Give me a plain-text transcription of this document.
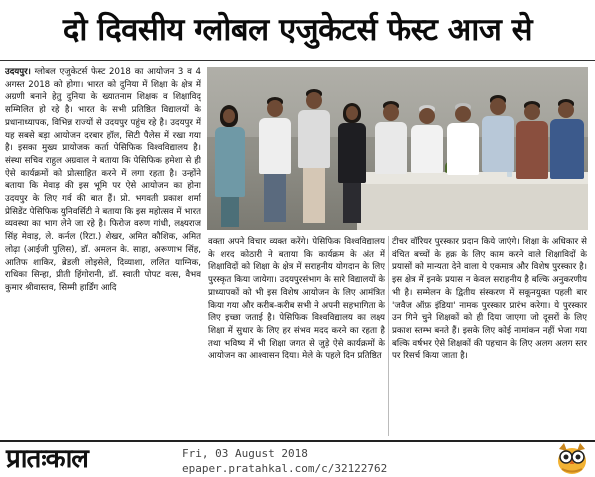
दो दिवसीय ग्लोबल एजुकेटर्स फेस्ट आज से

उदयपुर। ग्लोबल एजुकेटर्स फेस्ट 2018 का आयोजन 3 व 4 अगस्त 2018 को होगा। भारत को दुनिया में शिक्षा के क्षेत्र में अग्रणी बनाने हेतु दुनिया के ख्यातनाम शिक्षक व शिक्षाविद् सम्मिलित हो रहे है। भारत के सभी प्रतिष्ठित विद्यालयों के प्रधानाध्यापक, विभिन्न राज्यों से उदयपुर पहुंच रहे है। उदयपुर में यह सबसे बड़ा आयोजन दरबार हॉल, सिटी पैलेस में रखा गया है। इसका मुख्य प्रायोजक कर्ता पेसिफिक विश्वविद्यालय है। संस्था सचिव राहुल अग्रवाल ने बताया कि पेसिफिक हमेशा से ही ऐसे कार्यक्रमों को प्रोत्साहित करने में लगा रहता है। उन्होंने बताया कि मेवाड़ की इस भूमि पर ऐसे आयोजन का होना उदयपुर के लिए गर्व की बात हैं। प्रो. भगवती प्रकाश शर्मा प्रेसिडेंट पेसिफिक युनिवर्सिटी ने बताया कि इस महोत्सव में भारत व्यवस्था का भाग लेने जा रहे है। फिरोज वरुण गांधी, लक्ष्यराज सिंह मेवाड़, ले. कर्नल (रिटा.) शेखर, अमित कौशिक, अमित लोढ़ा (आईजी पुलिस), डॉ. अमलन के. साहा, अरूणाभ सिंह, आतिफ शाकिर, ब्रेडली लोइसेले, दिव्याशा, ललित याग्निक, राधिका सिन्हा, प्रीती हिंगोरानी, डॉ. स्वाती पोपट वत्स, वैभव कुमार श्रीवास्तव, सिम्मी हार्डिंग आदि

वक्ता अपने विचार व्यक्त करेंगे। पेसिफिक विश्वविद्यालय के शरद कोठारी ने बताया कि कार्यक्रम के अंत में शिक्षाविदों को शिक्षा के क्षेत्र में सराहनीय योगदान के लिए पुरस्कृत किया जायेगा। उदयपुरसंभाग के सारे विद्यालयों के प्राध्यापकों को भी इस विशेष आयोजन के लिए आमंत्रित किया गया और करीब-करीब सभी ने अपनी सहभागिता के लिए इच्छा जताई है। पेसिफिक विश्वविद्यालय का लक्ष्य शिक्षा में सुधार के लिए हर संभव मदद करने का रहता है तथा भविष्य में भी शिक्षा जगत से जुड़े ऐसे कार्यक्रमों के आयोजन का आश्वासन दिया। मेले के पहले दिन प्रतिष्ठित

टीचर वॉरियर पुरस्कार प्रदान किये जाएंगे। शिक्षा के अधिकार से वंचित बच्चों के हक़ के लिए काम करने वाले शिक्षाविदों के प्रयासों को मान्यता देने वाला ये एकमात्र और विशेष पुरस्कार है। इस क्षेत्र में इनके प्रयास न केवल सराहनीय है बल्कि अनुकरणीय भी है। सम्मेलन के द्वितीय संस्करण में सकूनयुक्त पहली बार 'जवैज ऑफ़ इंडिया' नामक पुरस्कार प्रारंभ करेगा। ये पुरस्कार उन गिने चुने शिक्षकों को ही दिया जाएगा जो दूसरों के लिए प्रकाश स्तम्भ बनते हैं। इसके लिए कोई नामांकन नहीं भेजा गया बल्कि वर्षभर ऐसे शिक्षकों की पहचान के लिए अलग अलग स्तर पर रिसर्च किया जाता है।

प्रातःकाल	Fri, 03 August 2018
epaper.pratahkal.com/c/32122762
